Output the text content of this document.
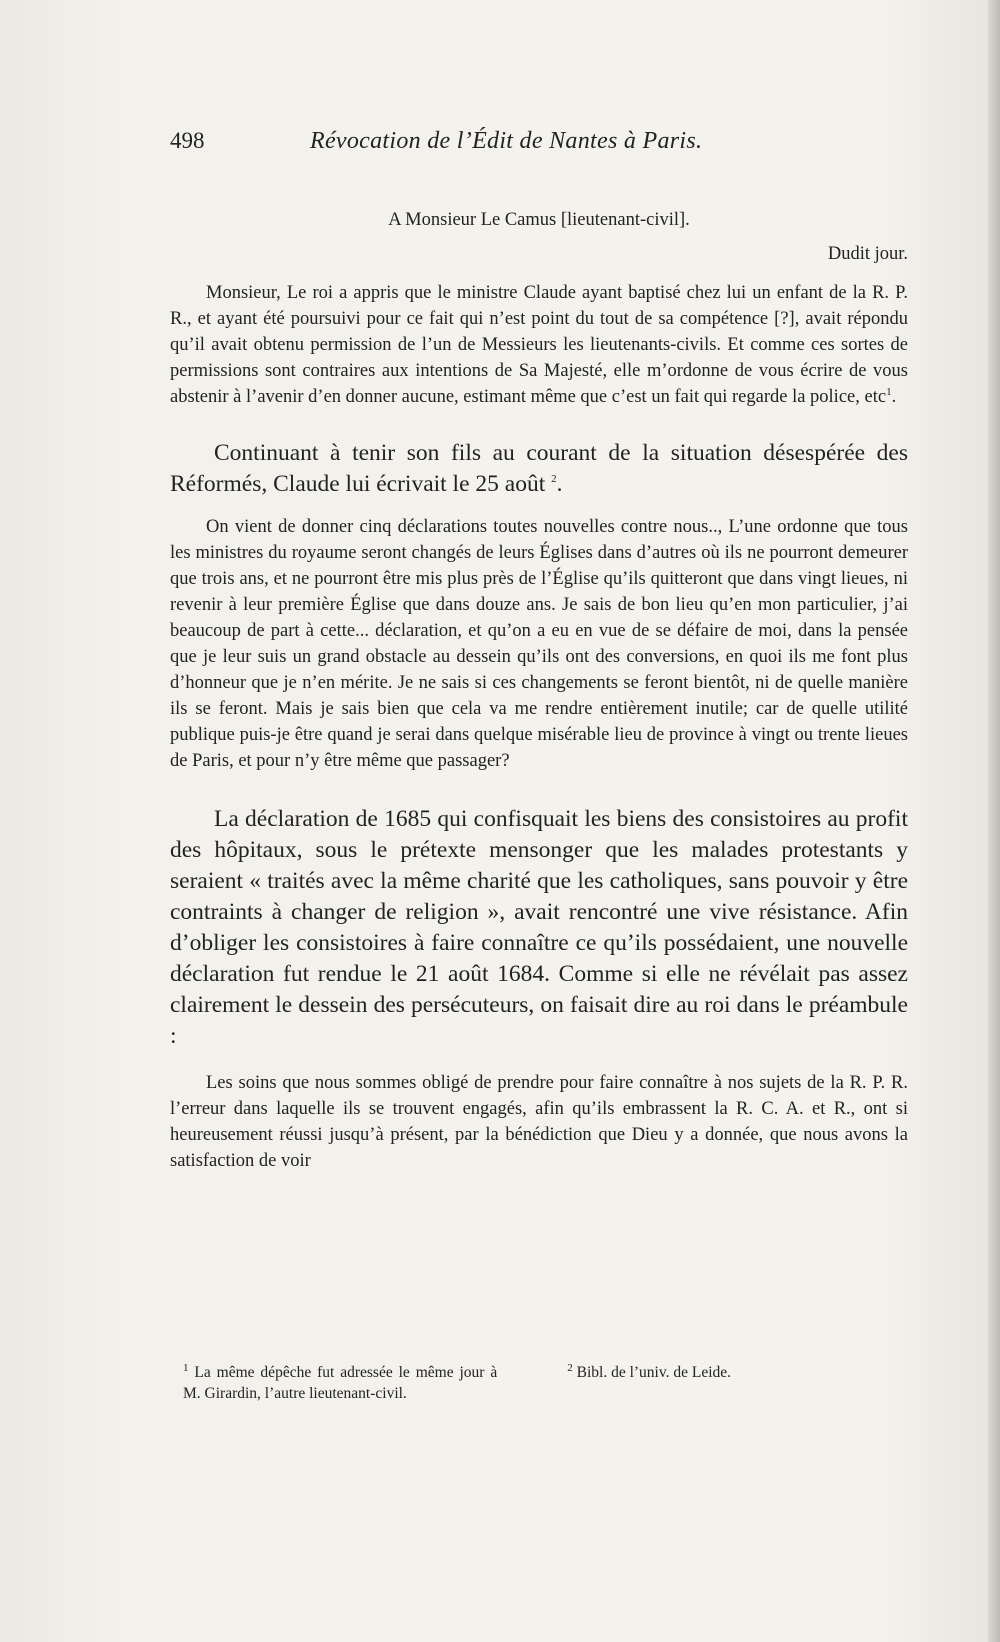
498	Révocation de l’Édit de Nantes à Paris.
A Monsieur Le Camus [lieutenant-civil].
Dudit jour.

Monsieur, Le roi a appris que le ministre Claude ayant baptisé chez lui un enfant de la R. P. R., et ayant été poursuivi pour ce fait qui n’est point du tout de sa compétence [?], avait répondu qu’il avait obtenu permission de l’un de Messieurs les lieutenants-civils. Et comme ces sortes de permissions sont contraires aux intentions de Sa Majesté, elle m’ordonne de vous écrire de vous abstenir à l’avenir d’en donner aucune, estimant même que c’est un fait qui regarde la police, etc$^1$.

Continuant à tenir son fils au courant de la situation désespérée des Réformés, Claude lui écrivait le 25 août $^2$.

On vient de donner cinq déclarations toutes nouvelles contre nous.., L’une ordonne que tous les ministres du royaume seront changés de leurs Églises dans d’autres où ils ne pourront demeurer que trois ans, et ne pourront être mis plus près de l’Église qu’ils quitteront que dans vingt lieues, ni revenir à leur première Église que dans douze ans. Je sais de bon lieu qu’en mon particulier, j’ai beaucoup de part à cette... déclaration, et qu’on a eu en vue de se défaire de moi, dans la pensée que je leur suis un grand obstacle au dessein qu’ils ont des conversions, en quoi ils me font plus d’honneur que je n’en mérite. Je ne sais si ces changements se feront bientôt, ni de quelle manière ils se feront. Mais je sais bien que cela va me rendre entièrement inutile; car de quelle utilité publique puis-je être quand je serai dans quelque misérable lieu de province à vingt ou trente lieues de Paris, et pour n’y être même que passager?

La déclaration de 1685 qui confisquait les biens des consistoires au profit des hôpitaux, sous le prétexte mensonger que les malades protestants y seraient « traités avec la même charité que les catholiques, sans pouvoir y être contraints à changer de religion », avait rencontré une vive résistance. Afin d’obliger les consistoires à faire connaître ce qu’ils possédaient, une nouvelle déclaration fut rendue le 21 août 1684. Comme si elle ne révélait pas assez clairement le dessein des persécuteurs, on faisait dire au roi dans le préambule :

Les soins que nous sommes obligé de prendre pour faire connaître à nos sujets de la R. P. R. l’erreur dans laquelle ils se trouvent engagés, afin qu’ils embrassent la R. C. A. et R., ont si heureusement réussi jusqu’à présent, par la bénédiction que Dieu y a donnée, que nous avons la satisfaction de voir

$^1$ La même dépêche fut adressée le même jour à M. Girardin, l’autre lieutenant-civil.
$^2$ Bibl. de l’univ. de Leide.
